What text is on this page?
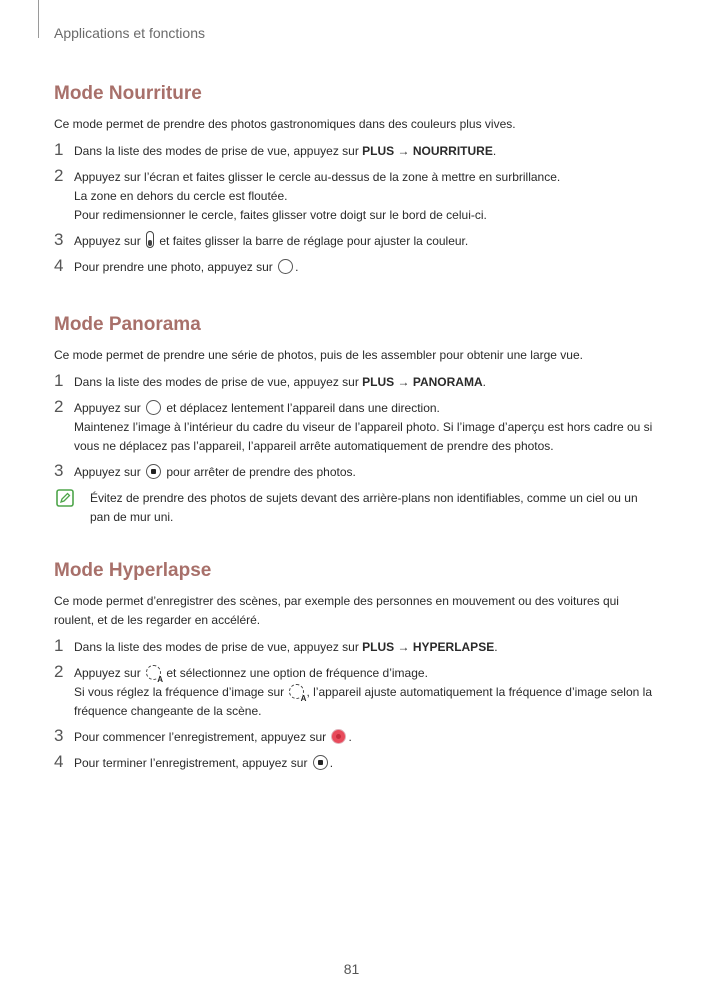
Applications et fonctions
Mode Nourriture

Ce mode permet de prendre des photos gastronomiques dans des couleurs plus vives.

1 Dans la liste des modes de prise de vue, appuyez sur PLUS → NOURRITURE.

2 Appuyez sur l’écran et faites glisser le cercle au-dessus de la zone à mettre en surbrillance.

La zone en dehors du cercle est floutée.

Pour redimensionner le cercle, faites glisser votre doigt sur le bord de celui-ci.

3 Appuyez sur  et faites glisser la barre de réglage pour ajuster la couleur.

4 Pour prendre une photo, appuyez sur .

Mode Panorama

Ce mode permet de prendre une série de photos, puis de les assembler pour obtenir une large vue.

1 Dans la liste des modes de prise de vue, appuyez sur PLUS → PANORAMA.

2 Appuyez sur  et déplacez lentement l’appareil dans une direction.

Maintenez l’image à l’intérieur du cadre du viseur de l’appareil photo. Si l’image d’aperçu est hors cadre ou si vous ne déplacez pas l’appareil, l’appareil arrête automatiquement de prendre des photos.

3 Appuyez sur  pour arrêter de prendre des photos.

Évitez de prendre des photos de sujets devant des arrière-plans non identifiables, comme un ciel ou un pan de mur uni.

Mode Hyperlapse

Ce mode permet d’enregistrer des scènes, par exemple des personnes en mouvement ou des voitures qui roulent, et de les regarder en accéléré.

1 Dans la liste des modes de prise de vue, appuyez sur PLUS → HYPERLAPSE.

2 Appuyez sur A et sélectionnez une option de fréquence d’image.

Si vous réglez la fréquence d’image sur A, l’appareil ajuste automatiquement la fréquence d’image selon la fréquence changeante de la scène.

3 Pour commencer l’enregistrement, appuyez sur .

4 Pour terminer l’enregistrement, appuyez sur .

81
